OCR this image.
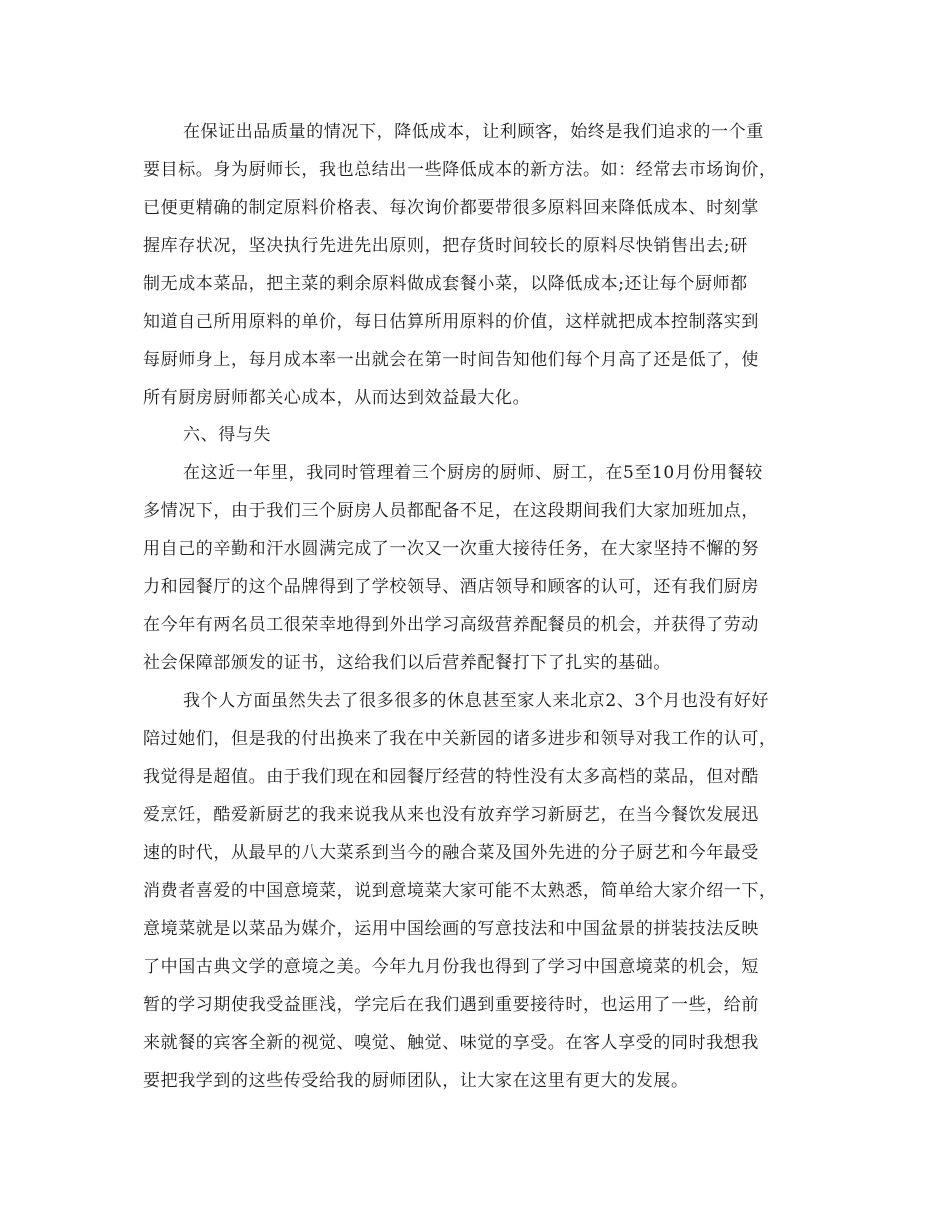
在保证出品质量的情况下，降低成本，让利顾客，始终是我们追求的一个重
要目标。身为厨师长，我也总结出一些降低成本的新方法。如：经常去市场询价，
已便更精确的制定原料价格表、每次询价都要带很多原料回来降低成本、时刻掌
握库存状况，坚决执行先进先出原则，把存货时间较长的原料尽快销售出去;研
制无成本菜品，把主菜的剩余原料做成套餐小菜，以降低成本;还让每个厨师都
知道自己所用原料的单价，每日估算所用原料的价值，这样就把成本控制落实到
每厨师身上，每月成本率一出就会在第一时间告知他们每个月高了还是低了，使
所有厨房厨师都关心成本，从而达到效益最大化。
六、得与失
在这近一年里，我同时管理着三个厨房的厨师、厨工，在5至10月份用餐较
多情况下，由于我们三个厨房人员都配备不足，在这段期间我们大家加班加点，
用自己的辛勤和汗水圆满完成了一次又一次重大接待任务，在大家坚持不懈的努
力和园餐厅的这个品牌得到了学校领导、酒店领导和顾客的认可，还有我们厨房
在今年有两名员工很荣幸地得到外出学习高级营养配餐员的机会，并获得了劳动
社会保障部颁发的证书，这给我们以后营养配餐打下了扎实的基础。
我个人方面虽然失去了很多很多的休息甚至家人来北京2、3个月也没有好好
陪过她们，但是我的付出换来了我在中关新园的诸多进步和领导对我工作的认可，
我觉得是超值。由于我们现在和园餐厅经营的特性没有太多高档的菜品，但对酷
爱烹饪，酷爱新厨艺的我来说我从来也没有放弃学习新厨艺，在当今餐饮发展迅
速的时代，从最早的八大菜系到当今的融合菜及国外先进的分子厨艺和今年最受
消费者喜爱的中国意境菜，说到意境菜大家可能不太熟悉，简单给大家介绍一下，
意境菜就是以菜品为媒介，运用中国绘画的写意技法和中国盆景的拼装技法反映
了中国古典文学的意境之美。今年九月份我也得到了学习中国意境菜的机会，短
暂的学习期使我受益匪浅，学完后在我们遇到重要接待时，也运用了一些，给前
来就餐的宾客全新的视觉、嗅觉、触觉、味觉的享受。在客人享受的同时我想我
要把我学到的这些传受给我的厨师团队，让大家在这里有更大的发展。
